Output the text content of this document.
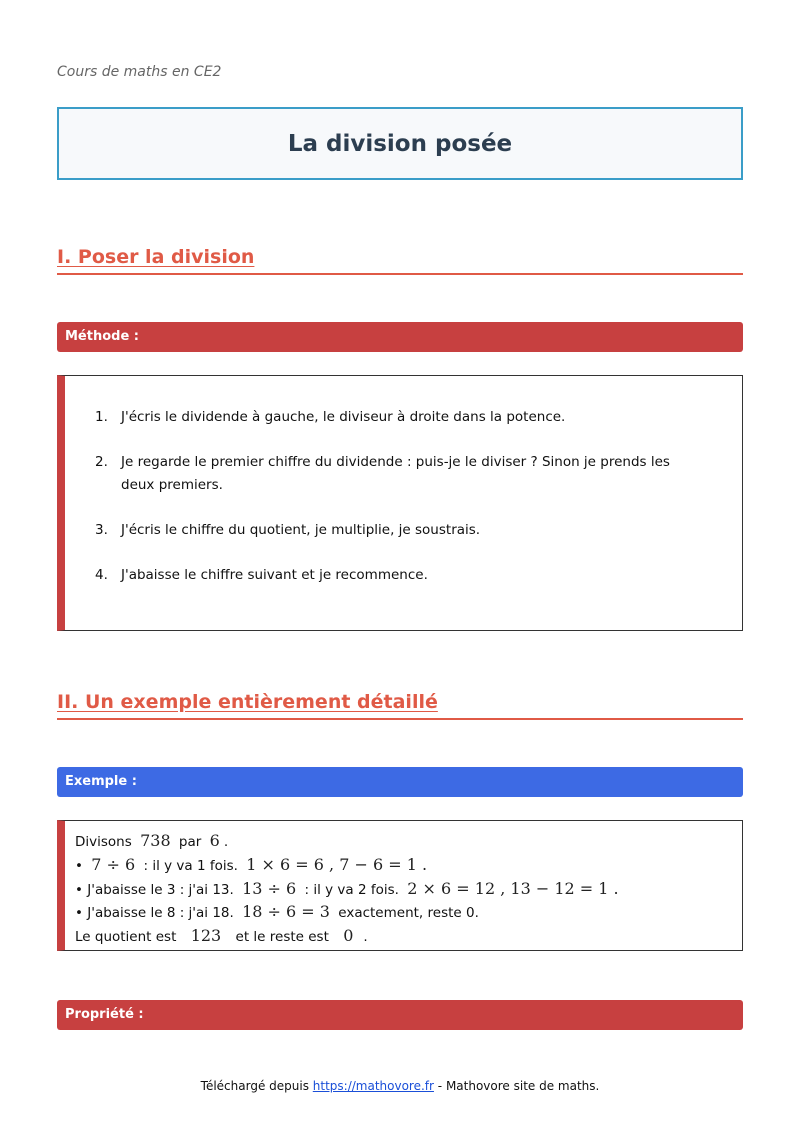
Cours de maths en CE2
La division posée
I. Poser la division
Méthode :
1. J'écris le dividende à gauche, le diviseur à droite dans la potence.
2. Je regarde le premier chiffre du dividende : puis-je le diviser ? Sinon je prends les deux premiers.
3. J'écris le chiffre du quotient, je multiplie, je soustrais.
4. J'abaisse le chiffre suivant et je recommence.
II. Un exemple entièrement détaillé
Exemple :
Divisons 738 par 6 .
• 7 ÷ 6 : il y va 1 fois. 1 × 6 = 6 , 7 − 6 = 1 .
• J'abaisse le 3 : j'ai 13. 13 ÷ 6 : il y va 2 fois. 2 × 6 = 12 , 13 − 12 = 1 .
• J'abaisse le 8 : j'ai 18. 18 ÷ 6 = 3 exactement, reste 0.
Le quotient est 123 et le reste est 0 .
Propriété :
Téléchargé depuis https://mathovore.fr - Mathovore site de maths.
